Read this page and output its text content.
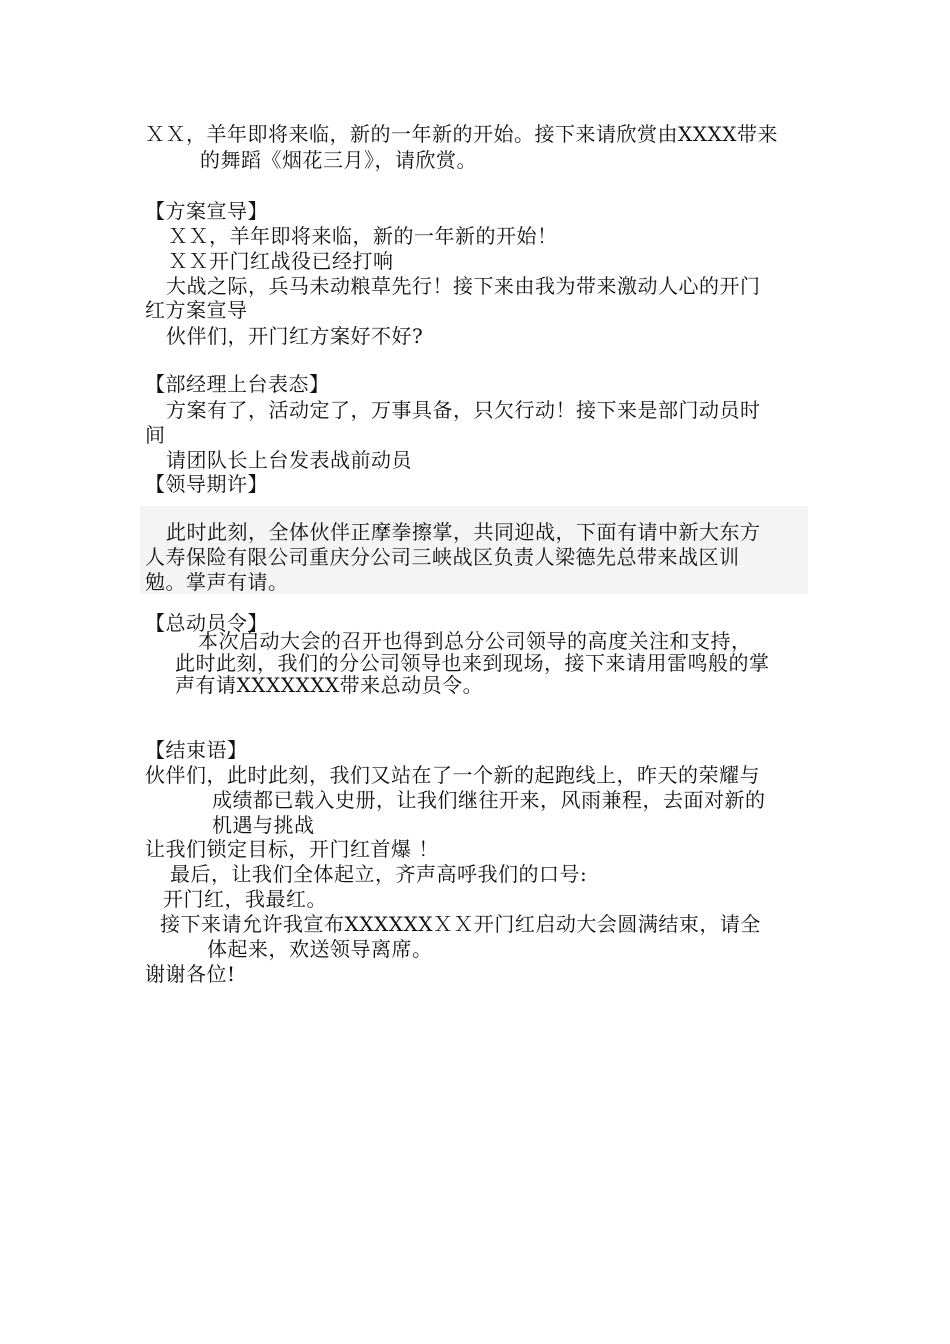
ＸＸ，羊年即将来临，新的一年新的开始。接下来请欣赏由XXXX带来
的舞蹈《烟花三月》，请欣赏。
【方案宣导】
ＸＸ，羊年即将来临，新的一年新的开始！
ＸＸ开门红战役已经打响
大战之际，兵马未动粮草先行！接下来由我为带来激动人心的开门
红方案宣导
伙伴们，开门红方案好不好?
【部经理上台表态】
方案有了，活动定了，万事具备，只欠行动！接下来是部门动员时
间
请团队长上台发表战前动员
【领导期许】
此时此刻，全体伙伴正摩拳擦掌，共同迎战，下面有请中新大东方
人寿保险有限公司重庆分公司三峡战区负责人梁德先总带来战区训
勉。掌声有请。
【总动员令】
本次启动大会的召开也得到总分公司领导的高度关注和支持，
此时此刻，我们的分公司领导也来到现场，接下来请用雷鸣般的掌
声有请XXXXXXX带来总动员令。
【结束语】
伙伴们，此时此刻，我们又站在了一个新的起跑线上，昨天的荣耀与
成绩都已载入史册，让我们继往开来，风雨兼程，去面对新的
机遇与挑战
让我们锁定目标，开门红首爆 ！
最后，让我们全体起立，齐声高呼我们的口号:
开门红，我最红。
接下来请允许我宣布XXXXXXＸＸ开门红启动大会圆满结束，请全
体起来，欢送领导离席。
谢谢各位!
